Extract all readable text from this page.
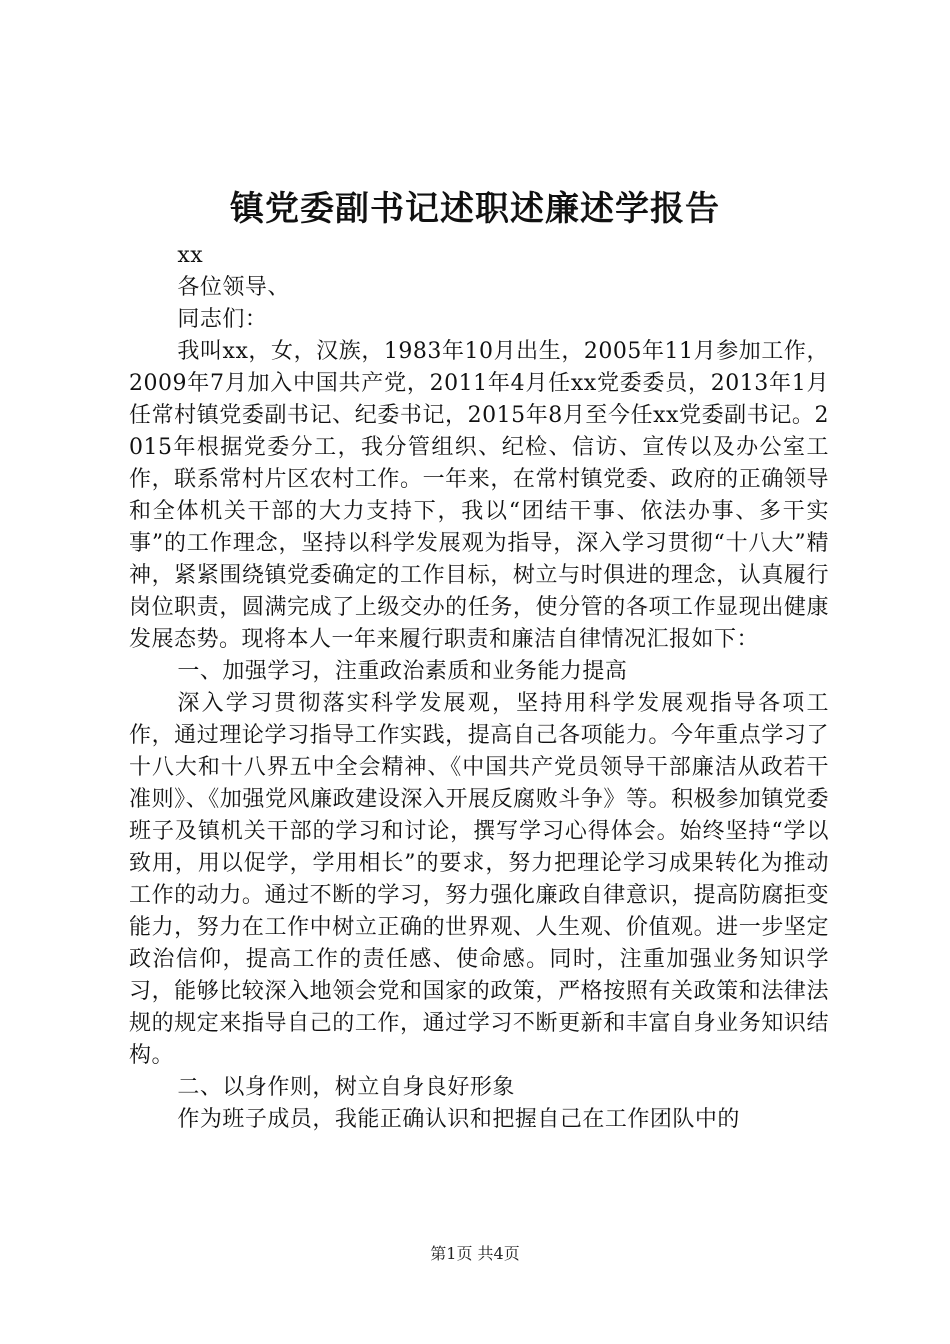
镇党委副书记述职述廉述学报告

xx

各位领导、

同志们：

我叫xx，女，汉族，1983年10月出生，2005年11月参加工作，2009年7月加入中国共产党，2011年4月任xx党委委员，2013年1月任常村镇党委副书记、纪委书记，2015年8月至今任xx党委副书记。2015年根据党委分工，我分管组织、纪检、信访、宣传以及办公室工作，联系常村片区农村工作。一年来，在常村镇党委、政府的正确领导和全体机关干部的大力支持下，我以“团结干事、依法办事、多干实事”的工作理念，坚持以科学发展观为指导，深入学习贯彻“十八大”精神，紧紧围绕镇党委确定的工作目标，树立与时俱进的理念，认真履行岗位职责，圆满完成了上级交办的任务，使分管的各项工作显现出健康发展态势。现将本人一年来履行职责和廉洁自律情况汇报如下：

一、加强学习，注重政治素质和业务能力提高

深入学习贯彻落实科学发展观，坚持用科学发展观指导各项工作，通过理论学习指导工作实践，提高自己各项能力。今年重点学习了十八大和十八界五中全会精神、《中国共产党员领导干部廉洁从政若干准则》、《加强党风廉政建设深入开展反腐败斗争》等。积极参加镇党委班子及镇机关干部的学习和讨论，撰写学习心得体会。始终坚持“学以致用，用以促学，学用相长”的要求，努力把理论学习成果转化为推动工作的动力。通过不断的学习，努力强化廉政自律意识，提高防腐拒变能力，努力在工作中树立正确的世界观、人生观、价值观。进一步坚定政治信仰，提高工作的责任感、使命感。同时，注重加强业务知识学习，能够比较深入地领会党和国家的政策，严格按照有关政策和法律法规的规定来指导自己的工作，通过学习不断更新和丰富自身业务知识结构。

二、以身作则，树立自身良好形象

作为班子成员，我能正确认识和把握自己在工作团队中的

第1页 共4页
